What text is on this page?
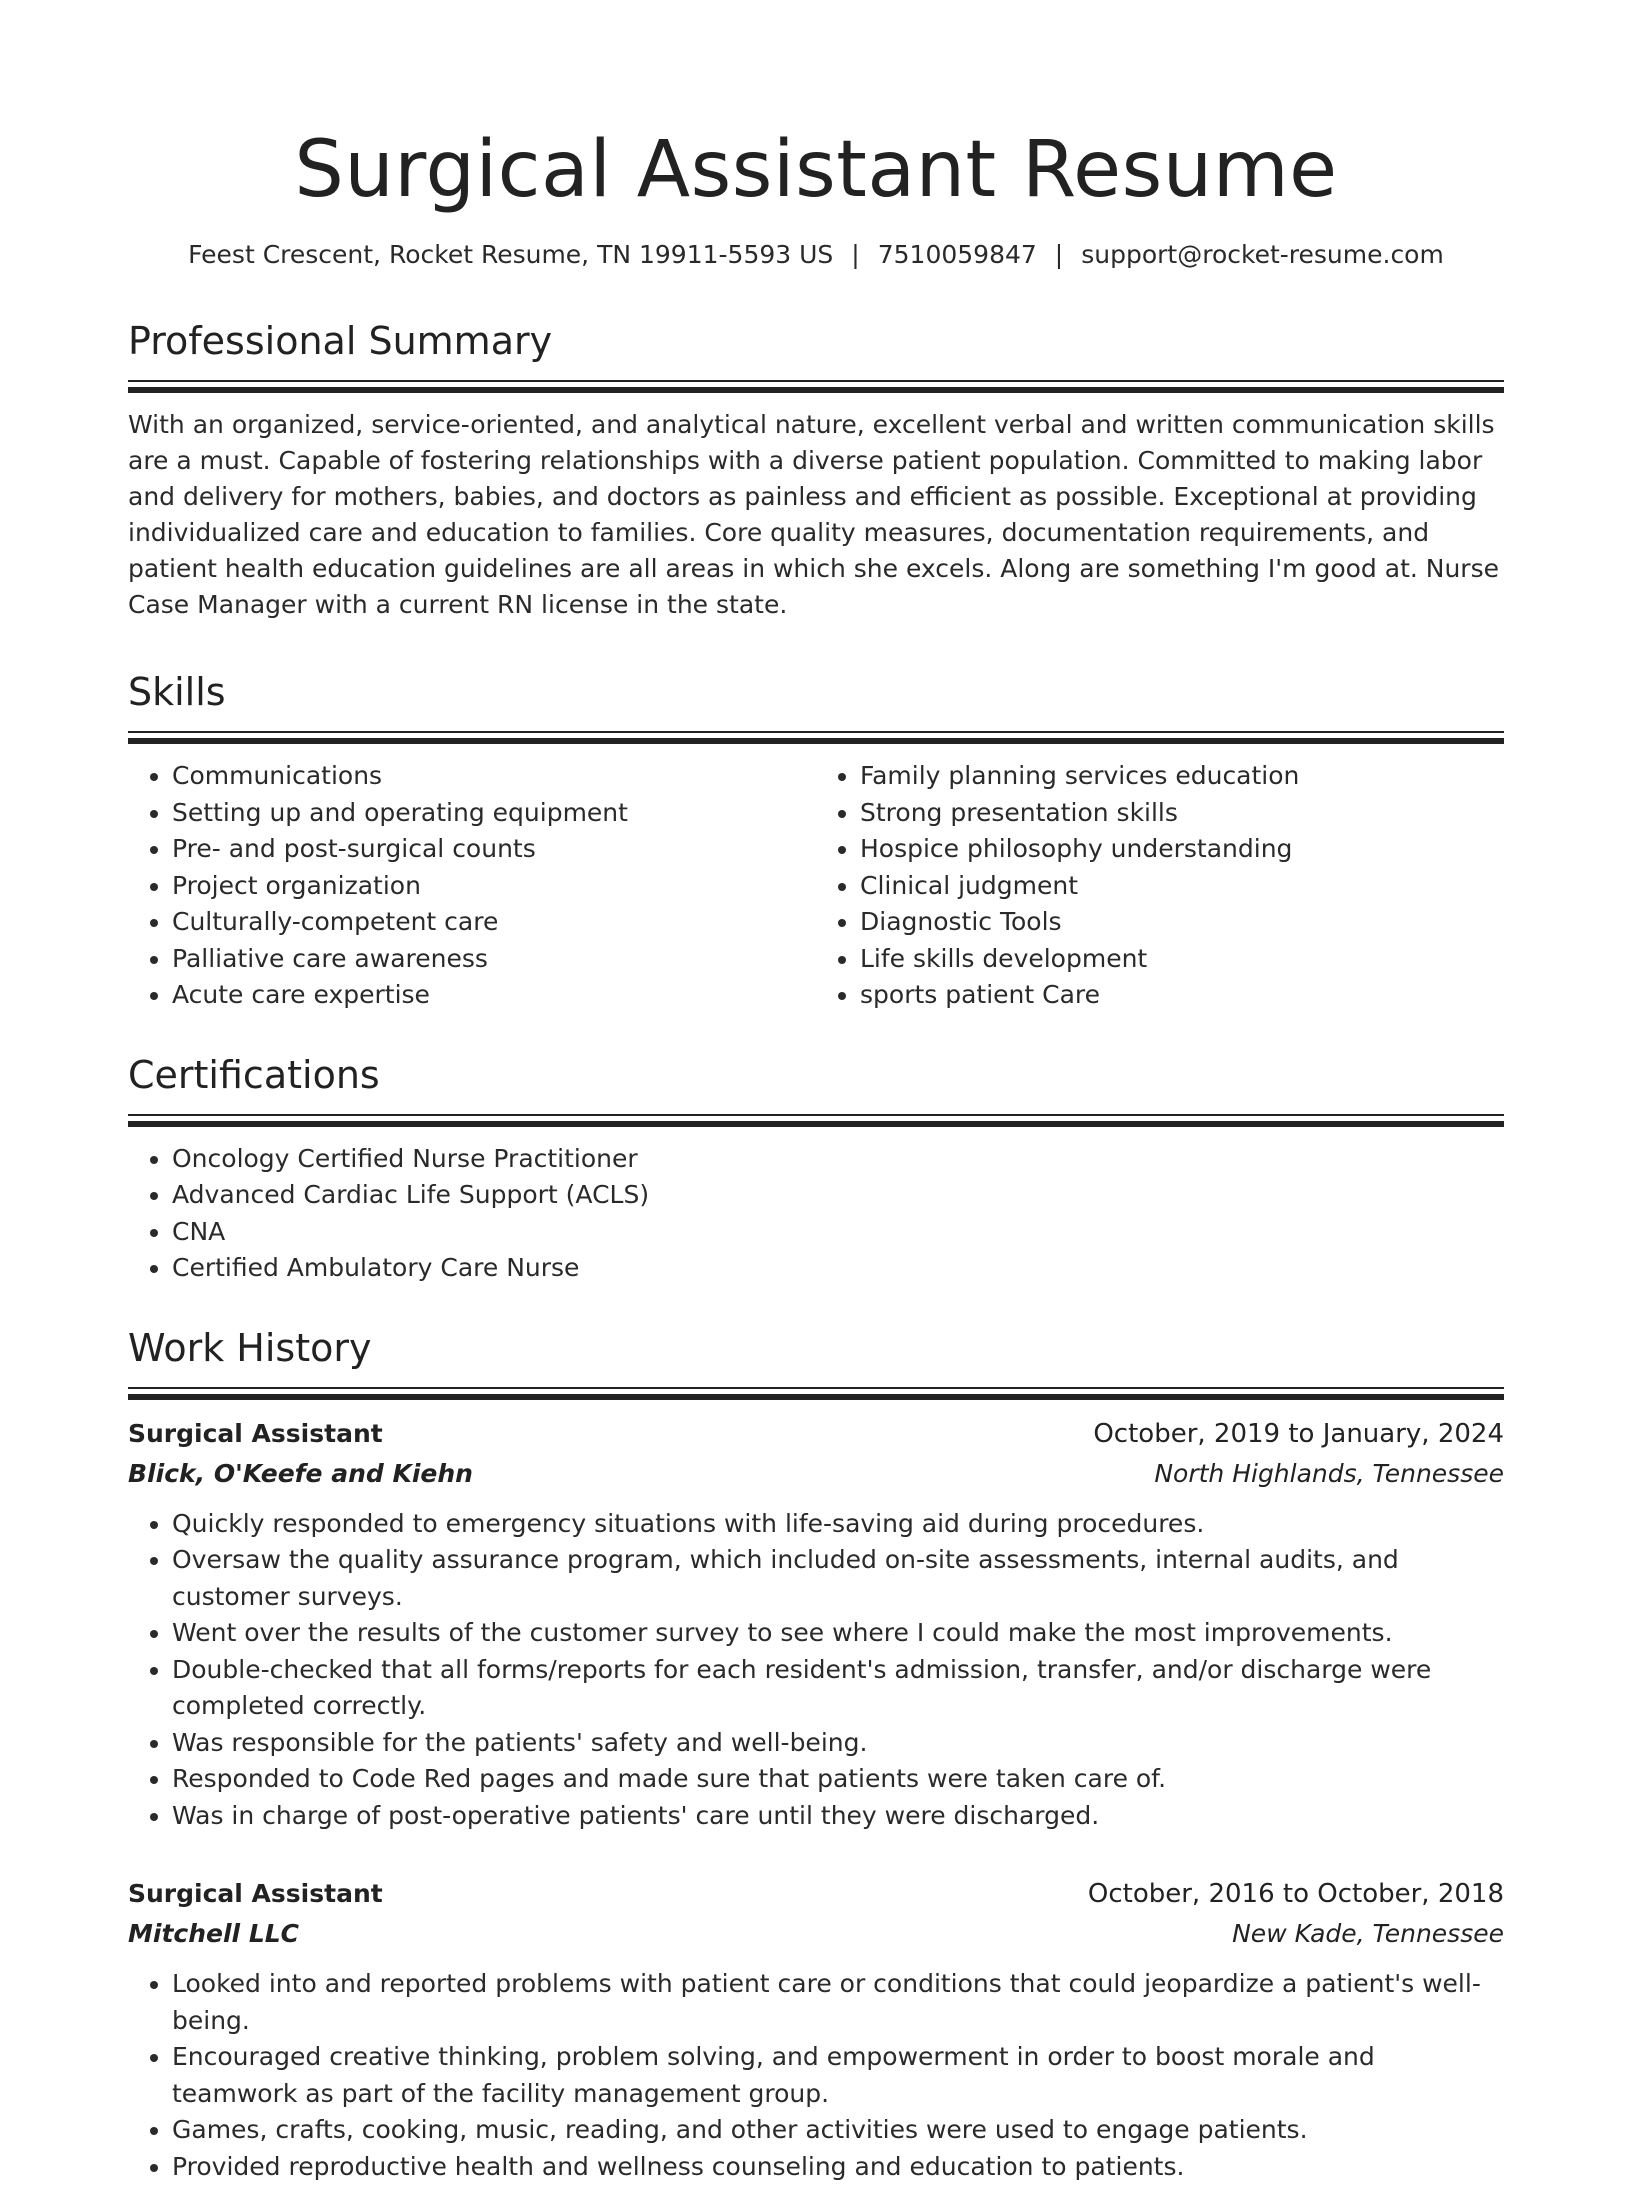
Surgical Assistant Resume
Feest Crescent, Rocket Resume, TN 19911-5593 US | 7510059847 | support@rocket-resume.com
Professional Summary

With an organized, service-oriented, and analytical nature, excellent verbal and written communication skills are a must. Capable of fostering relationships with a diverse patient population. Committed to making labor and delivery for mothers, babies, and doctors as painless and efficient as possible. Exceptional at providing individualized care and education to families. Core quality measures, documentation requirements, and patient health education guidelines are all areas in which she excels. Along are something I'm good at. Nurse Case Manager with a current RN license in the state.

Skills
• Communications
• Setting up and operating equipment
• Pre- and post-surgical counts
• Project organization
• Culturally-competent care
• Palliative care awareness
• Acute care expertise
• Family planning services education
• Strong presentation skills
• Hospice philosophy understanding
• Clinical judgment
• Diagnostic Tools
• Life skills development
• sports patient Care
Certifications
• Oncology Certified Nurse Practitioner
• Advanced Cardiac Life Support (ACLS)
• CNA
• Certified Ambulatory Care Nurse
Work History
Surgical Assistant	October, 2019 to January, 2024
Blick, O'Keefe and Kiehn	North Highlands, Tennessee
• Quickly responded to emergency situations with life-saving aid during procedures.
• Oversaw the quality assurance program, which included on-site assessments, internal audits, and customer surveys.
• Went over the results of the customer survey to see where I could make the most improvements.
• Double-checked that all forms/reports for each resident's admission, transfer, and/or discharge were completed correctly.
• Was responsible for the patients' safety and well-being.
• Responded to Code Red pages and made sure that patients were taken care of.
• Was in charge of post-operative patients' care until they were discharged.
Surgical Assistant	October, 2016 to October, 2018
Mitchell LLC	New Kade, Tennessee
• Looked into and reported problems with patient care or conditions that could jeopardize a patient's well-being.
• Encouraged creative thinking, problem solving, and empowerment in order to boost morale and teamwork as part of the facility management group.
• Games, crafts, cooking, music, reading, and other activities were used to engage patients.
• Provided reproductive health and wellness counseling and education to patients.
